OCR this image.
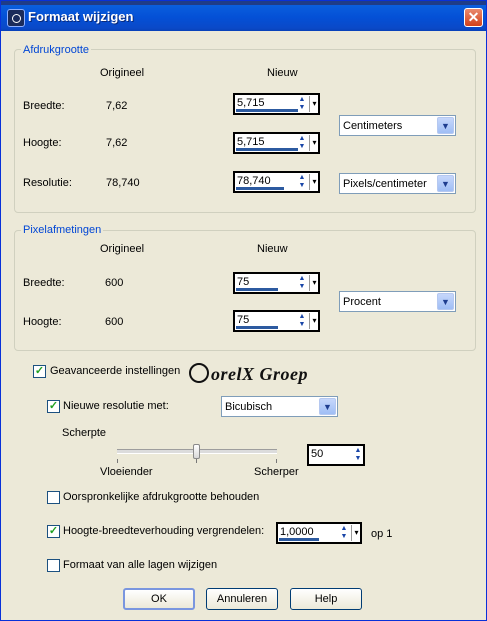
Formaat wijzigen	✕
Afdrukgrootte
Origineel	Nieuw
Breedte:	7,62	5,715	▲
▼ ▾
Hoogte:	7,62	5,715	▲
▼ ▾
Centimeters	▼
Resolutie:	78,740	78,740	▲
▼ ▾ Pixels/centimeter	▼
Pixelafmetingen
Origineel	Nieuw
Breedte:	600	75	▲
▼ ▾
Procent	▼
Hoogte:	600	75	▲
▼ ▾
✓ Geavanceerde instellingen	orelX Groep
✓ Nieuwe resolutie met:	Bicubisch	▼
Scherpte
Vloeiender	Scherper
50	▲
▼
Oorspronkelijke afdrukgrootte behouden
✓ Hoogte-breedteverhouding vergrendelen: 1,0000	▲
▼ ▾ op 1
Formaat van alle lagen wijzigen
OK	Annuleren	Help
